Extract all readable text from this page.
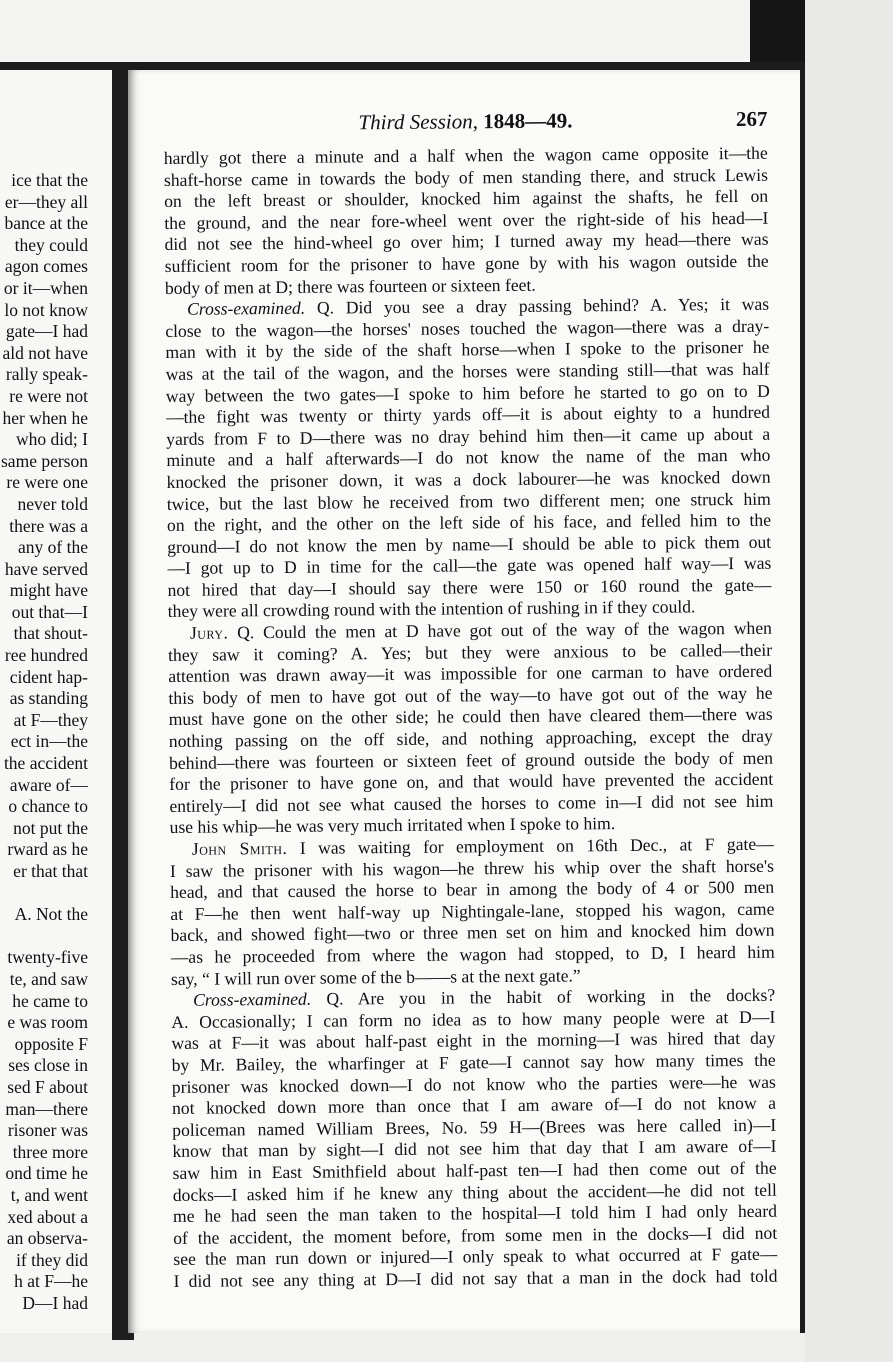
ice that the
er—they all
bance at the
they could
agon comes
or it—when
lo not know
gate—I had
ald not have
rally speak-
re were not
her when he
who did; I
same person
re were one
never told
there was a
any of the
have served
might have
out that—I
that shout-
ree hundred
cident hap-
as standing
at F—they
ect in—the
the accident
aware of—
o chance to
not put the
rward as he
er that that
A. Not the
twenty-five
te, and saw
he came to
e was room
opposite F
ses close in
sed F about
man—there
risoner was
three more
ond time he
t, and went
xed about a
an observa-
if they did
h at F—he
D—I had
Third Session, 1848—49.	267
hardly got there a minute and a half when the wagon came opposite it—the
shaft-horse came in towards the body of men standing there, and struck Lewis
on the left breast or shoulder, knocked him against the shafts, he fell on
the ground, and the near fore-wheel went over the right-side of his head—I
did not see the hind-wheel go over him; I turned away my head—there was
sufficient room for the prisoner to have gone by with his wagon outside the
body of men at D; there was fourteen or sixteen feet.
Cross-examined. Q. Did you see a dray passing behind? A. Yes; it was
close to the wagon—the horses' noses touched the wagon—there was a dray-
man with it by the side of the shaft horse—when I spoke to the prisoner he
was at the tail of the wagon, and the horses were standing still—that was half
way between the two gates—I spoke to him before he started to go on to D
—the fight was twenty or thirty yards off—it is about eighty to a hundred
yards from F to D—there was no dray behind him then—it came up about a
minute and a half afterwards—I do not know the name of the man who
knocked the prisoner down, it was a dock labourer—he was knocked down
twice, but the last blow he received from two different men; one struck him
on the right, and the other on the left side of his face, and felled him to the
ground—I do not know the men by name—I should be able to pick them out
—I got up to D in time for the call—the gate was opened half way—I was
not hired that day—I should say there were 150 or 160 round the gate—
they were all crowding round with the intention of rushing in if they could.
Jury. Q. Could the men at D have got out of the way of the wagon when
they saw it coming? A. Yes; but they were anxious to be called—their
attention was drawn away—it was impossible for one carman to have ordered
this body of men to have got out of the way—to have got out of the way he
must have gone on the other side; he could then have cleared them—there was
nothing passing on the off side, and nothing approaching, except the dray
behind—there was fourteen or sixteen feet of ground outside the body of men
for the prisoner to have gone on, and that would have prevented the accident
entirely—I did not see what caused the horses to come in—I did not see him
use his whip—he was very much irritated when I spoke to him.
John Smith. I was waiting for employment on 16th Dec., at F gate—
I saw the prisoner with his wagon—he threw his whip over the shaft horse's
head, and that caused the horse to bear in among the body of 4 or 500 men
at F—he then went half-way up Nightingale-lane, stopped his wagon, came
back, and showed fight—two or three men set on him and knocked him down
—as he proceeded from where the wagon had stopped, to D, I heard him
say, “ I will run over some of the b——s at the next gate.”
Cross-examined. Q. Are you in the habit of working in the docks?
A. Occasionally; I can form no idea as to how many people were at D—I
was at F—it was about half-past eight in the morning—I was hired that day
by Mr. Bailey, the wharfinger at F gate—I cannot say how many times the
prisoner was knocked down—I do not know who the parties were—he was
not knocked down more than once that I am aware of—I do not know a
policeman named William Brees, No. 59 H—(Brees was here called in)—I
know that man by sight—I did not see him that day that I am aware of—I
saw him in East Smithfield about half-past ten—I had then come out of the
docks—I asked him if he knew any thing about the accident—he did not tell
me he had seen the man taken to the hospital—I told him I had only heard
of the accident, the moment before, from some men in the docks—I did not
see the man run down or injured—I only speak to what occurred at F gate—
I did not see any thing at D—I did not say that a man in the dock had told
